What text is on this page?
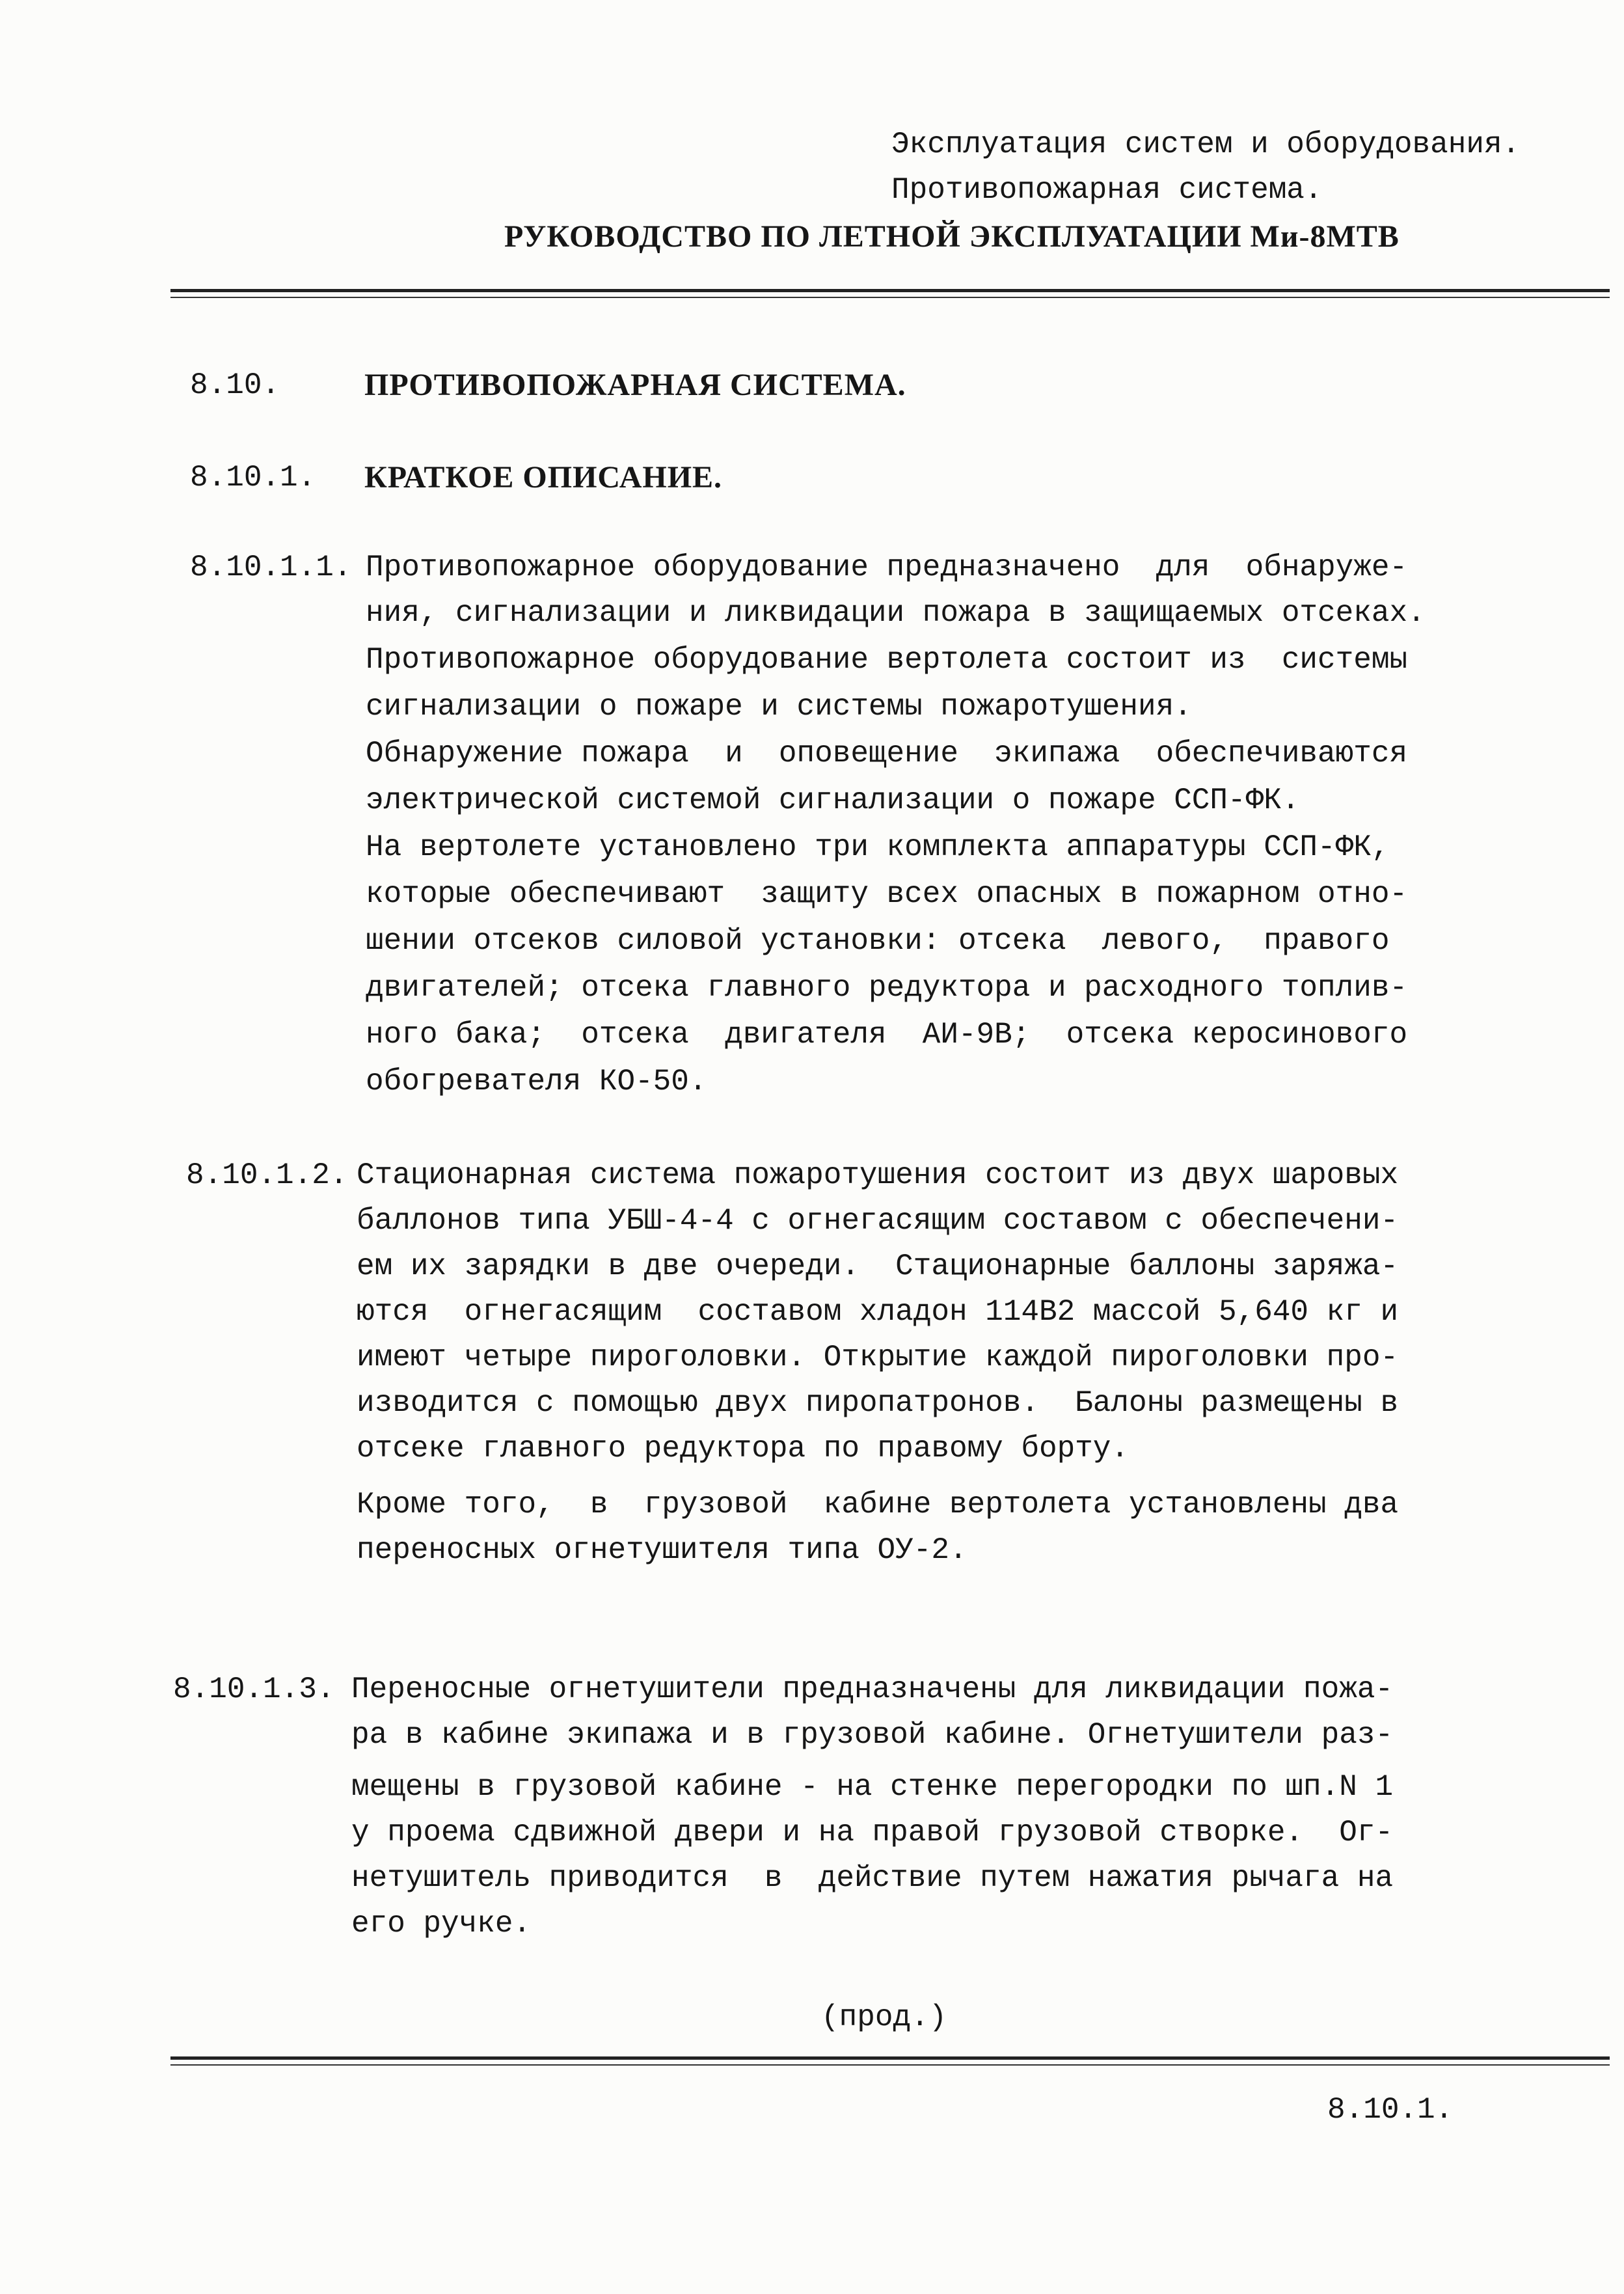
Эксплуатация систем и оборудования.
Противопожарная система.
РУКОВОДСТВО ПО ЛЕТНОЙ ЭКСПЛУАТАЦИИ Ми-8МТВ
8.10.	ПРОТИВОПОЖАРНАЯ СИСТЕМА.
8.10.1. КРАТКОЕ ОПИСАНИЕ.
8.10.1.1. Противопожарное оборудование предназначено  для  обнаруже-
ния, сигнализации и ликвидации пожара в защищаемых отсеках.
Противопожарное оборудование вертолета состоит из  системы
сигнализации о пожаре и системы пожаротушения.
Обнаружение пожара  и  оповещение  экипажа  обеспечиваются
электрической системой сигнализации о пожаре ССП-ФК.
На вертолете установлено три комплекта аппаратуры ССП-ФК,
которые обеспечивают  защиту всех опасных в пожарном отно-
шении отсеков силовой установки: отсека  левого,  правого
двигателей; отсека главного редуктора и расходного топлив-
ного бака;  отсека  двигателя  АИ-9В;  отсека керосинового
обогревателя КО-50.
8.10.1.2. Стационарная система пожаротушения состоит из двух шаровых
баллонов типа УБШ-4-4 с огнегасящим составом с обеспечени-
ем их зарядки в две очереди.  Стационарные баллоны заряжа-
ются  огнегасящим  составом хладон 114В2 массой 5,640 кг и
имеют четыре пироголовки. Открытие каждой пироголовки про-
изводится с помощью двух пиропатронов.  Балоны размещены в
отсеке главного редуктора по правому борту.
Кроме того,  в  грузовой  кабине вертолета установлены два
переносных огнетушителя типа ОУ-2.
8.10.1.3. Переносные огнетушители предназначены для ликвидации пожа-
ра в кабине экипажа и в грузовой кабине. Огнетушители раз-
мещены в грузовой кабине - на стенке перегородки по шп.N 1
у проема сдвижной двери и на правой грузовой створке.  Ог-
нетушитель приводится  в  действие путем нажатия рычага на
его ручке.
(прод.)
8.10.1.
